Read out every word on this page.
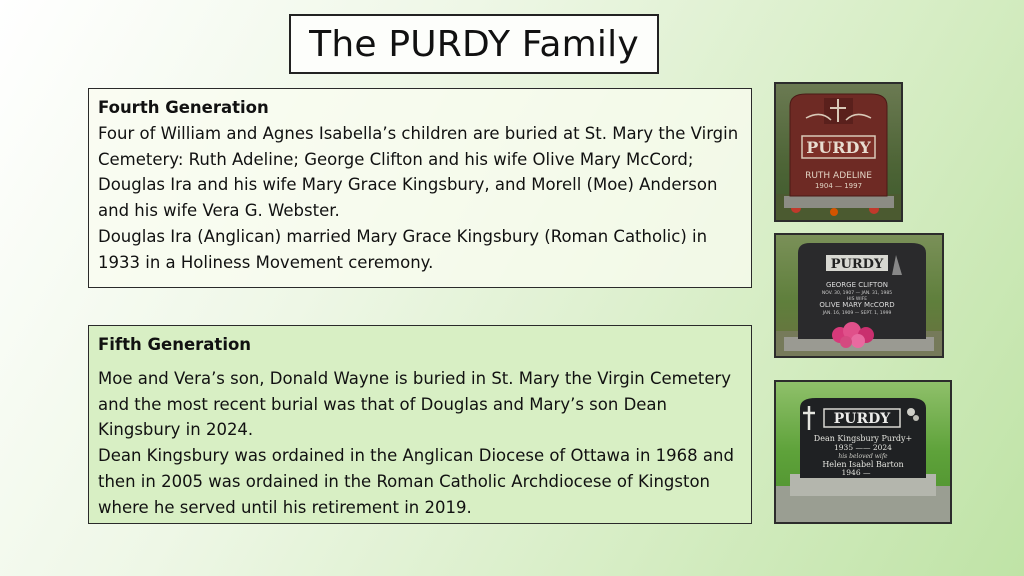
The PURDY Family
Fourth Generation

Four of William and Agnes Isabella’s children are buried at St. Mary the Virgin Cemetery: Ruth Adeline; George Clifton and his wife Olive Mary McCord; Douglas Ira and his wife Mary Grace Kingsbury, and Morell (Moe) Anderson and his wife Vera G. Webster.

Douglas Ira (Anglican) married Mary Grace Kingsbury (Roman Catholic) in 1933 in a Holiness Movement ceremony.

Fifth Generation

Moe and Vera’s son, Donald Wayne is buried in St. Mary the Virgin Cemetery and the most recent burial was that of Douglas and Mary’s son Dean Kingsbury in 2024.

Dean Kingsbury was ordained in the Anglican Diocese of Ottawa in 1968 and then in 2005 was ordained in the Roman Catholic Archdiocese of Kingston where he served until his retirement in 2019.

PURDY
RUTH ADELINE
1904 — 1997
PURDY
GEORGE CLIFTON
NOV. 30, 1907 — JAN. 31, 1985
HIS WIFE
OLIVE MARY McCORD
JAN. 16, 1909 — SEPT. 1, 1999
PURDY
Dean Kingsbury Purdy+
1935 —— 2024
his beloved wife
Helen Isabel Barton
1946 —
